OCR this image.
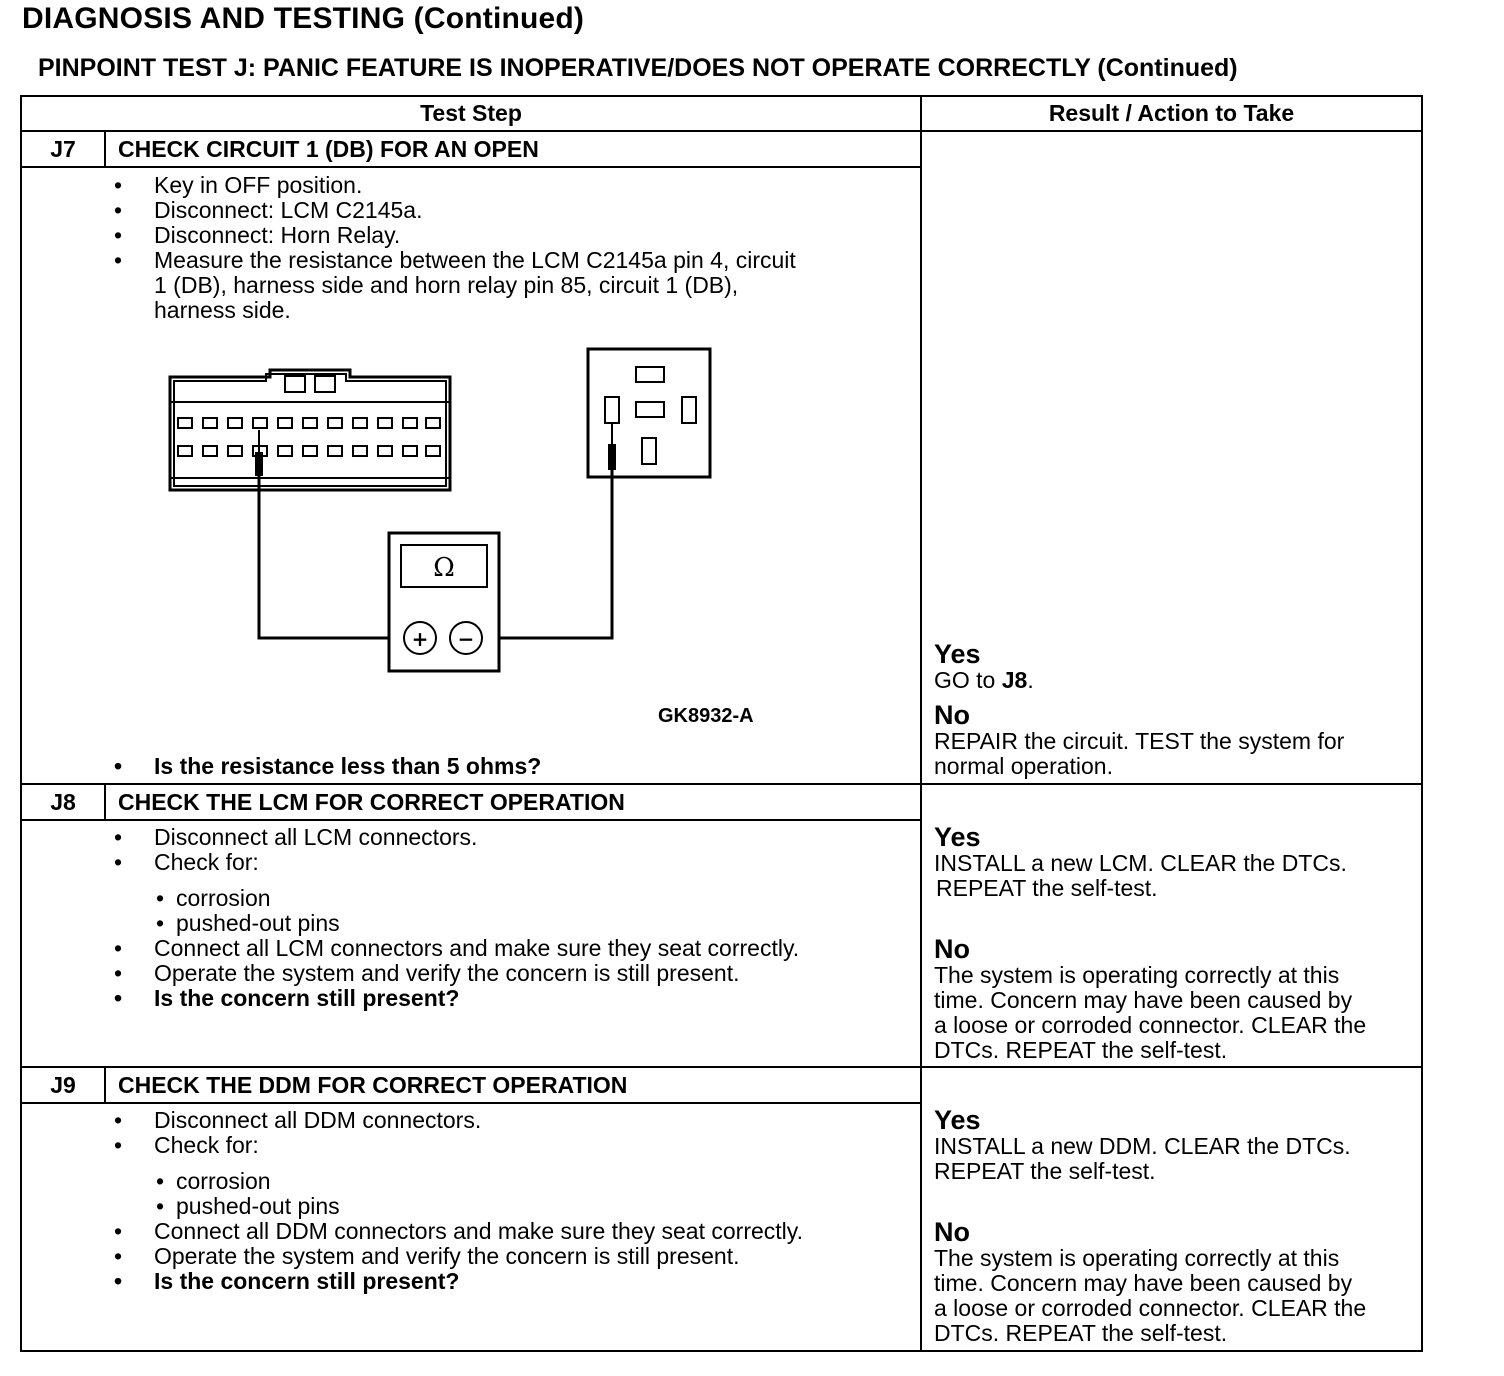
DIAGNOSIS AND TESTING (Continued)
PINPOINT TEST J: PANIC FEATURE IS INOPERATIVE/DOES NOT OPERATE CORRECTLY (Continued)
Test Step	Result / Action to Take
J7	CHECK CIRCUIT 1 (DB) FOR AN OPEN
• Key in OFF position.
• Disconnect: LCM C2145a.
• Disconnect: Horn Relay.
• Measure the resistance between the LCM C2145a pin 4, circuit
1 (DB), harness side and horn relay pin 85, circuit 1 (DB),
harness side.
Ω
+ −
GK8932-A
• Is the resistance less than 5 ohms?
Yes
GO to J8.
No
REPAIR the circuit. TEST the system for
normal operation.
J8	CHECK THE LCM FOR CORRECT OPERATION
• Disconnect all LCM connectors.
• Check for:
• corrosion
• pushed-out pins
• Connect all LCM connectors and make sure they seat correctly.
• Operate the system and verify the concern is still present.
• Is the concern still present?
Yes
INSTALL a new LCM. CLEAR the DTCs.
REPEAT the self-test.
No
The system is operating correctly at this
time. Concern may have been caused by
a loose or corroded connector. CLEAR the
DTCs. REPEAT the self-test.
J9	CHECK THE DDM FOR CORRECT OPERATION
• Disconnect all DDM connectors.
• Check for:
• corrosion
• pushed-out pins
• Connect all DDM connectors and make sure they seat correctly.
• Operate the system and verify the concern is still present.
• Is the concern still present?
Yes
INSTALL a new DDM. CLEAR the DTCs.
REPEAT the self-test.
No
The system is operating correctly at this
time. Concern may have been caused by
a loose or corroded connector. CLEAR the
DTCs. REPEAT the self-test.
